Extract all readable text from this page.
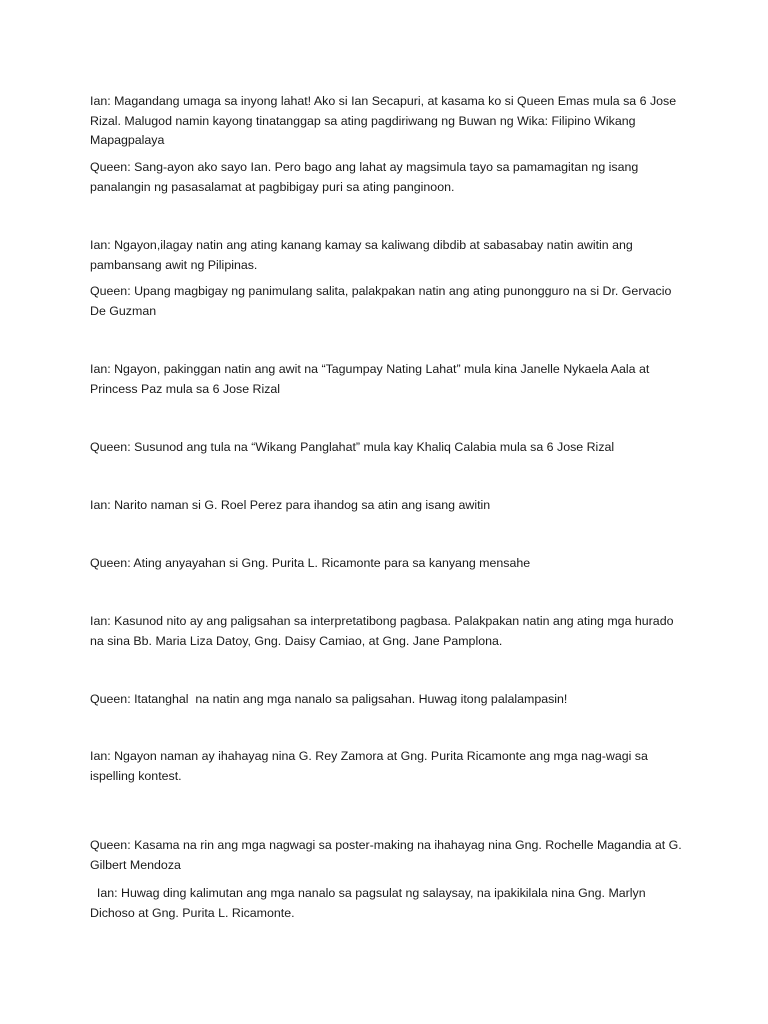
Ian: Magandang umaga sa inyong lahat! Ako si Ian Secapuri, at kasama ko si Queen Emas mula sa 6 Jose Rizal. Malugod namin kayong tinatanggap sa ating pagdiriwang ng Buwan ng Wika: Filipino Wikang Mapagpalaya

Queen: Sang-ayon ako sayo Ian. Pero bago ang lahat ay magsimula tayo sa pamamagitan ng isang panalangin ng pasasalamat at pagbibigay puri sa ating panginoon.

Ian: Ngayon,ilagay natin ang ating kanang kamay sa kaliwang dibdib at sabasabay natin awitin ang pambansang awit ng Pilipinas.

Queen: Upang magbigay ng panimulang salita, palakpakan natin ang ating punongguro na si Dr. Gervacio De Guzman

Ian: Ngayon, pakinggan natin ang awit na “Tagumpay Nating Lahat” mula kina Janelle Nykaela Aala at Princess Paz mula sa 6 Jose Rizal

Queen: Susunod ang tula na “Wikang Panglahat” mula kay Khaliq Calabia mula sa 6 Jose Rizal

Ian: Narito naman si G. Roel Perez para ihandog sa atin ang isang awitin

Queen: Ating anyayahan si Gng. Purita L. Ricamonte para sa kanyang mensahe

Ian: Kasunod nito ay ang paligsahan sa interpretatibong pagbasa. Palakpakan natin ang ating mga hurado na sina Bb. Maria Liza Datoy, Gng. Daisy Camiao, at Gng. Jane Pamplona.

Queen: Itatanghal  na natin ang mga nanalo sa paligsahan. Huwag itong palalampasin!

Ian: Ngayon naman ay ihahayag nina G. Rey Zamora at Gng. Purita Ricamonte ang mga nag-wagi sa ispelling kontest.

Queen: Kasama na rin ang mga nagwagi sa poster-making na ihahayag nina Gng. Rochelle Magandia at G. Gilbert Mendoza

Ian: Huwag ding kalimutan ang mga nanalo sa pagsulat ng salaysay, na ipakikilala nina Gng. Marlyn Dichoso at Gng. Purita L. Ricamonte.
